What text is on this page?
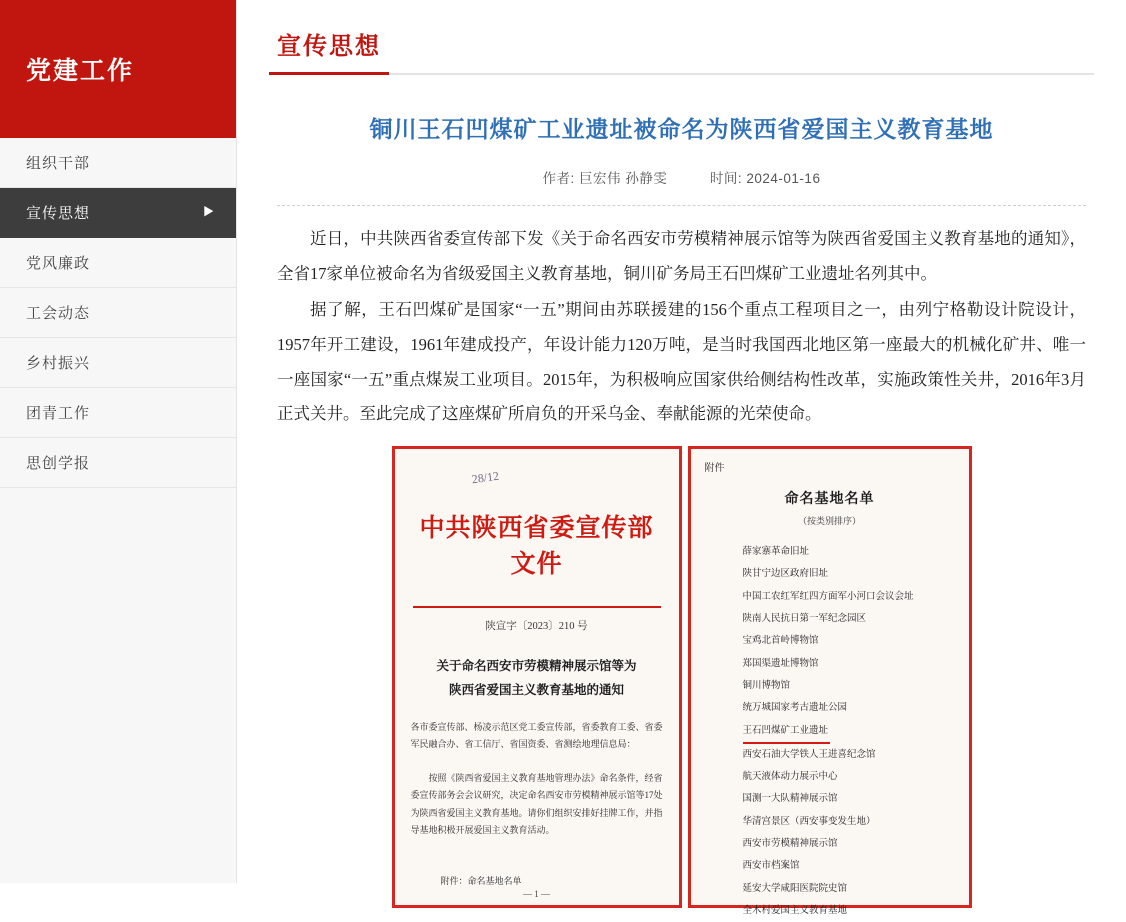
党建工作
组织干部
宣传思想	▶
党风廉政
工会动态
乡村振兴
团青工作
思创学报
宣传思想
铜川王石凹煤矿工业遗址被命名为陕西省爱国主义教育基地
作者: 巨宏伟 孙静雯	时间: 2024-01-16

近日，中共陕西省委宣传部下发《关于命名西安市劳模精神展示馆等为陕西省爱国主义教育基地的通知》，全省17家单位被命名为省级爱国主义教育基地，铜川矿务局王石凹煤矿工业遗址名列其中。

据了解，王石凹煤矿是国家“一五”期间由苏联援建的156个重点工程项目之一，由列宁格勒设计院设计，1957年开工建设，1961年建成投产，年设计能力120万吨，是当时我国西北地区第一座最大的机械化矿井、唯一一座国家“一五”重点煤炭工业项目。2015年，为积极响应国家供给侧结构性改革，实施政策性关井，2016年3月正式关井。至此完成了这座煤矿所肩负的开采乌金、奉献能源的光荣使命。

28/12
中共陕西省委宣传部文件
陕宣字〔2023〕210 号
关于命名西安市劳模精神展示馆等为
陕西省爱国主义教育基地的通知
各市委宣传部、杨凌示范区党工委宣传部，省委教育工委、省委军民融合办、省工信厅、省国资委、省测绘地理信息局：
按照《陕西省爱国主义教育基地管理办法》命名条件，经省委宣传部务会会议研究，决定命名西安市劳模精神展示馆等17处为陕西省爱国主义教育基地。请你们组织安排好挂牌工作，并指导基地积极开展爱国主义教育活动。
附件：命名基地名单
— 1 —
附件
命名基地名单
（按类别排序）
薛家寨革命旧址
陕甘宁边区政府旧址
中国工农红军红四方面军小河口会议会址
陕南人民抗日第一军纪念园区
宝鸡北首岭博物馆
郑国渠遗址博物馆
铜川博物馆
统万城国家考古遗址公园
王石凹煤矿工业遗址
西安石油大学铁人王进喜纪念馆
航天液体动力展示中心
国测一大队精神展示馆
华清宫景区（西安事变发生地）
西安市劳模精神展示馆
西安市档案馆
延安大学咸阳医院院史馆
全木村爱国主义教育基地
